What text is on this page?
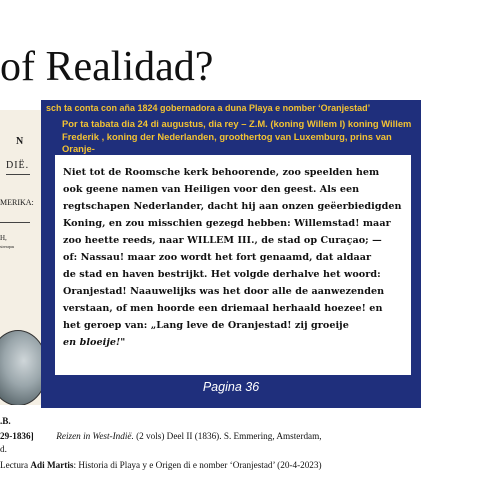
of Realidad?
N
DIË.
MERIKA:
H,
strerapas
sch ta conta con aña 1824 gobernadora a duna Playa e nomber ‘Oranjestad’
Por ta tabata dia 24 di augustus, dia rey – Z.M. (koning Willem I) koning Willem
Frederik , koning der Nederlanden, groothertog van Luxemburg, prins van Oranje-
Niet tot de Roomsche kerk behoorende, zoo speelden hem
ook geene namen van Heiligen voor den geest. Als een
regtschapen Nederlander, dacht hij aan onzen geëerbiedigden
Koning, en zou misschien gezegd hebben: Willemstad! maar
zoo heette reeds, naar WILLEM III., de stad op Curaçao; —
of: Nassau! maar zoo wordt het fort genaamd, dat aldaar
de stad en haven bestrijkt. Het volgde derhalve het woord:
Oranjestad! Naauwelijks was het door alle de aanwezenden
verstaan, of men hoorde een driemaal herhaald hoezee! en
het geroep van: „Lang leve de Oranjestad! zij groeije
en bloeije!"
Pagina 36
.B.
29-1836] Reizen in West-Indië. (2 vols) Deel II (1836). S. Emmering, Amsterdam,
d.
Lectura Adi Martis: Historia di Playa y e Origen di e nomber ‘Oranjestad’ (20-4-2023)
